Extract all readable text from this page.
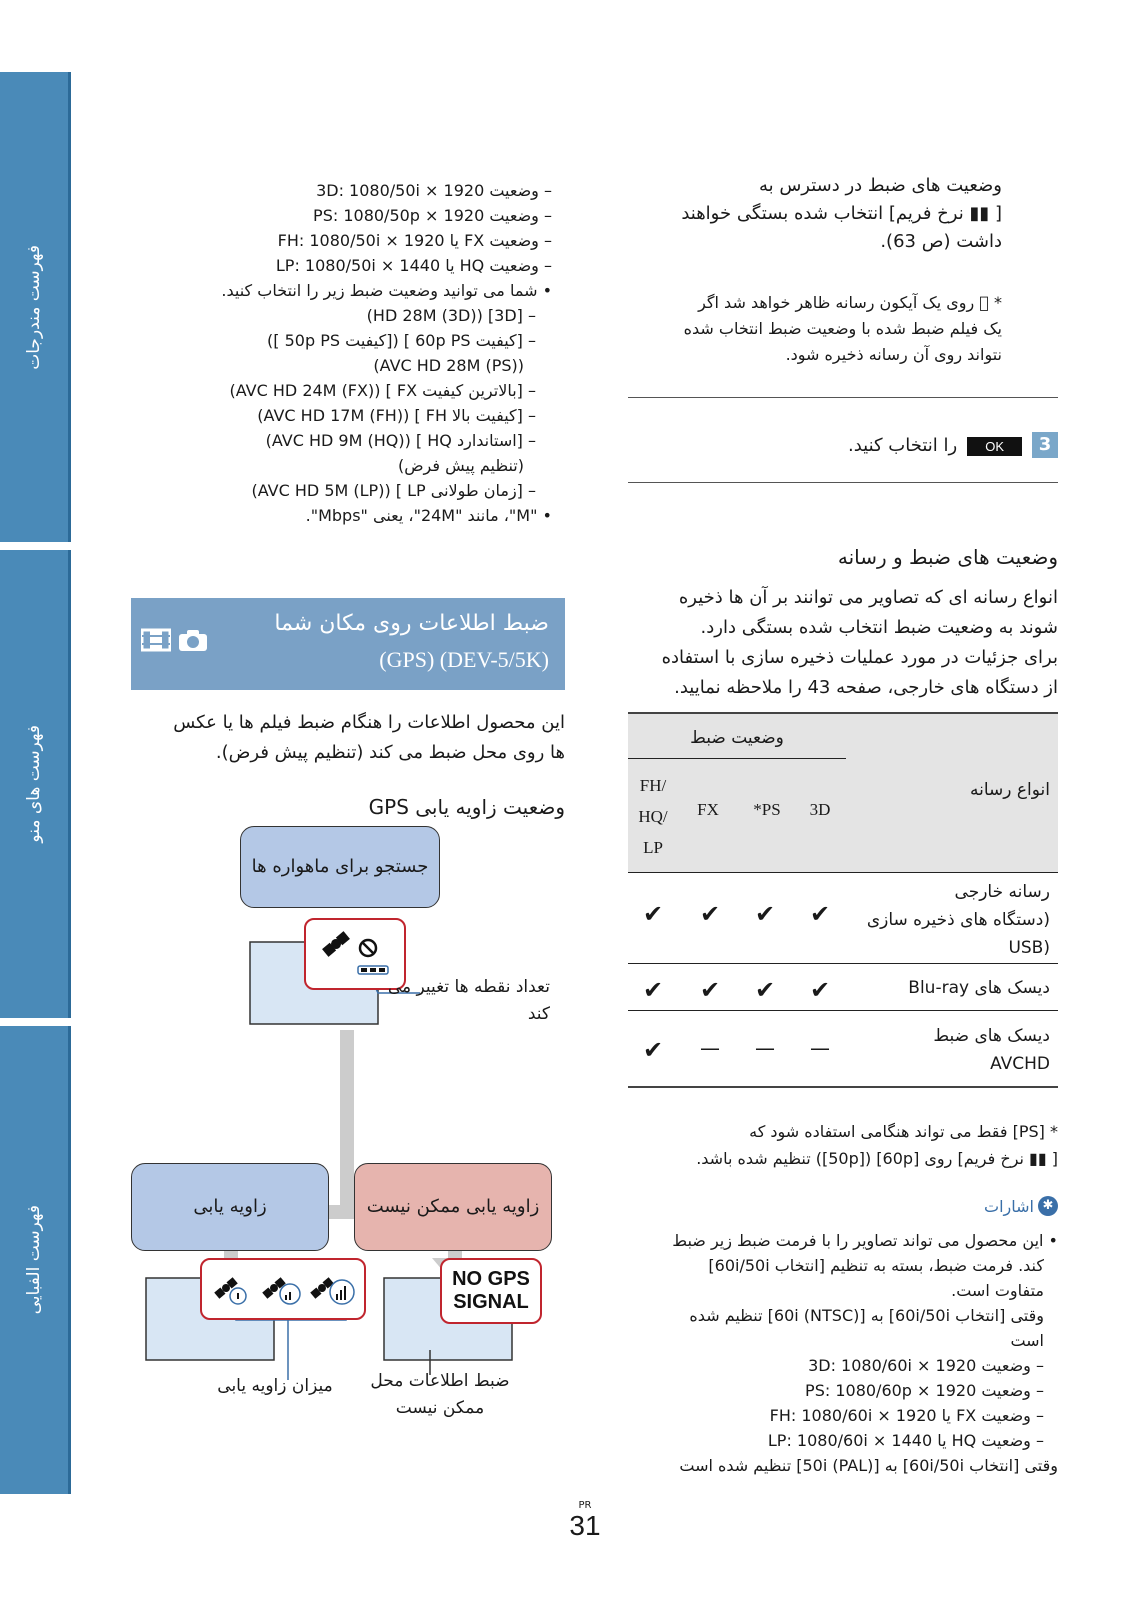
فهرست مندرجات
فهرست های منو
فهرست الفبایی
وضعیت های ضبط در دسترس به
[ ▮▮ نرخ فریم] انتخاب شده بستگی خواهند
داشت (ص 63).
* ⃠ روی یک آیکون رسانه ظاهر خواهد شد اگر
یک فیلم ضبط شده با وضعیت ضبط انتخاب شده
نتواند روی آن رسانه ذخیره شود.
3
OK
را انتخاب کنید.
وضعیت های ضبط و رسانه
انواع رسانه ای که تصاویر می توانند بر آن ها ذخیره
شوند به وضعیت ضبط انتخاب شده بستگی دارد.
برای جزئیات در مورد عملیات ذخیره سازی با استفاده
از دستگاه های خارجی، صفحه 43 را ملاحظه نمایید.
وضعیت ضبط
انواع رسانه
3D
*PS
FX
FH/
HQ/
LP
رسانه خارجی
(دستگاه های ذخیره سازی
(USB
✔
✔
✔
✔
دیسک های Blu-ray
✔
✔
✔
✔
دیسک های ضبط
AVCHD
—
—
—
✔
* [PS] فقط می تواند هنگامی استفاده شود که
[ ▮▮ نرخ فریم] روی [60p] ([50p]) تنظیم شده باشد.
✱
اشارات
• این محصول می تواند تصاویر را با فرمت ضبط زیر ضبط
کند. فرمت ضبط، بسته به تنظیم [انتخاب 60i/50i]
متفاوت است.
وقتی [انتخاب 60i/50i] به [60i (NTSC)] تنظیم شده
است
– وضعیت 3D: 1080/60i × 1920
– وضعیت PS: 1080/60p × 1920
– وضعیت FX یا FH: 1080/60i × 1920
– وضعیت HQ یا LP: 1080/60i × 1440
وقتی [انتخاب 60i/50i] به [50i (PAL)] تنظیم شده است
– وضعیت 3D: 1080/50i × 1920
– وضعیت PS: 1080/50p × 1920
– وضعیت FX یا FH: 1080/50i × 1920
– وضعیت HQ یا LP: 1080/50i × 1440
• شما می توانید وضعیت ضبط زیر را انتخاب کنید.
– [3D] (HD 28M (3D))
– [کیفیت 60p PS ] ([کیفیت 50p PS ])
(AVC HD 28M (PS))
– [بالاترین کیفیت FX ] (AVC HD 24M (FX))
– [کیفیت بالا FH ] (AVC HD 17M (FH))
– [استاندارد HQ ] (AVC HD 9M (HQ))
(تنظیم پیش فرض)
– [زمان طولانی LP ] (AVC HD 5M (LP))
• "M"، مانند "24M"، یعنی "Mbps".
ضبط اطلاعات روی مکان شما
(DEV-5/5K) (GPS)
این محصول اطلاعات را هنگام ضبط فیلم ها یا عکس
ها روی محل ضبط می کند (تنظیم پیش فرض).
وضعیت زاویه یابی GPS
جستجو برای ماهواره ها
تعداد نقطه ها تغییر می کند
زاویه یابی	زاویه یابی ممکن نیست
NO GPS
SIGNAL
میزان زاویه یابی	ضبط اطلاعات محل ممکن نیست
PR
31
